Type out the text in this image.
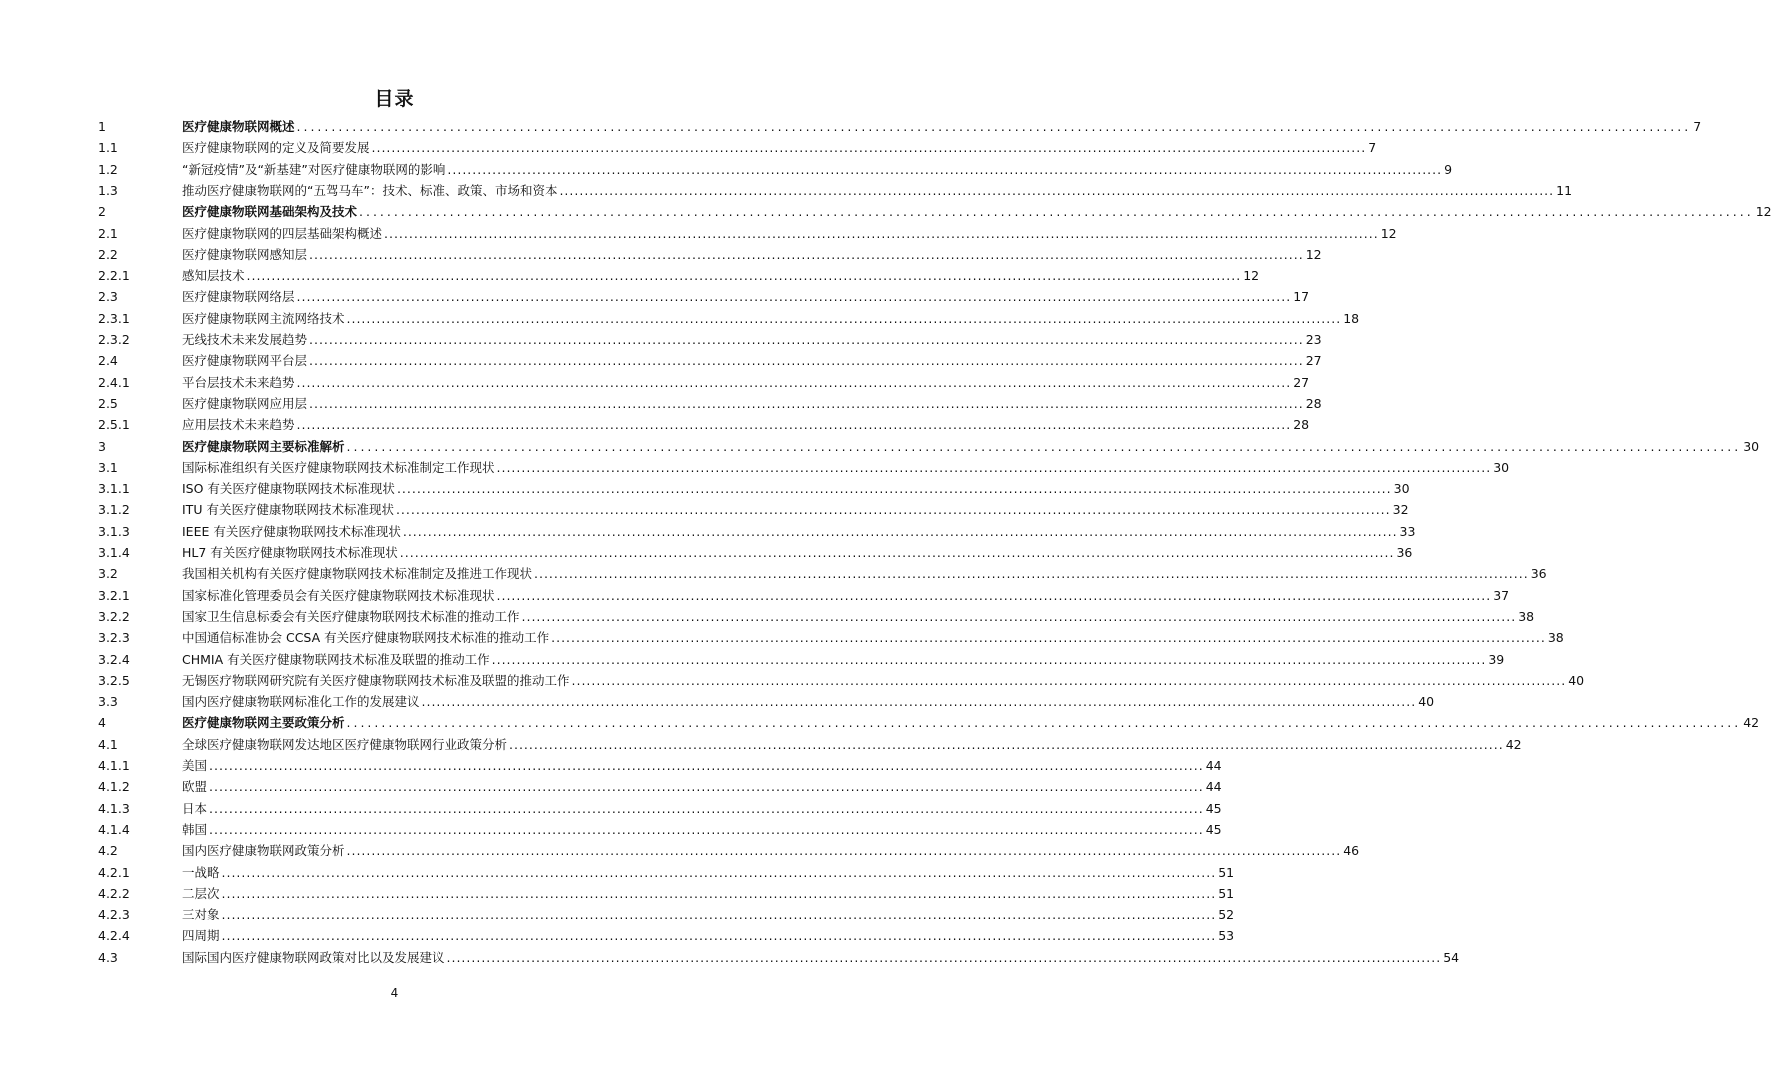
目录
1	医疗健康物联网概述 ........................................................................................................................................................................................................ 7
1.1	医疗健康物联网的定义及简要发展 ........................................................................................................................................................................................................ 7
1.2	“新冠疫情”及“新基建”对医疗健康物联网的影响 ........................................................................................................................................................................................................ 9
1.3	推动医疗健康物联网的“五驾马车”：技术、标准、政策、市场和资本 ........................................................................................................................................................................................................ 11
2	医疗健康物联网基础架构及技术 ........................................................................................................................................................................................................ 12
2.1	医疗健康物联网的四层基础架构概述 ........................................................................................................................................................................................................ 12
2.2	医疗健康物联网感知层 ........................................................................................................................................................................................................ 12
2.2.1	感知层技术 ........................................................................................................................................................................................................ 12
2.3	医疗健康物联网络层 ........................................................................................................................................................................................................ 17
2.3.1	医疗健康物联网主流网络技术 ........................................................................................................................................................................................................ 18
2.3.2	无线技术未来发展趋势 ........................................................................................................................................................................................................ 23
2.4	医疗健康物联网平台层 ........................................................................................................................................................................................................ 27
2.4.1	平台层技术未来趋势 ........................................................................................................................................................................................................ 27
2.5	医疗健康物联网应用层 ........................................................................................................................................................................................................ 28
2.5.1	应用层技术未来趋势 ........................................................................................................................................................................................................ 28
3	医疗健康物联网主要标准解析 ........................................................................................................................................................................................................ 30
3.1	国际标准组织有关医疗健康物联网技术标准制定工作现状 ........................................................................................................................................................................................................ 30
3.1.1	ISO 有关医疗健康物联网技术标准现状 ........................................................................................................................................................................................................ 30
3.1.2	ITU 有关医疗健康物联网技术标准现状 ........................................................................................................................................................................................................ 32
3.1.3	IEEE 有关医疗健康物联网技术标准现状 ........................................................................................................................................................................................................ 33
3.1.4	HL7 有关医疗健康物联网技术标准现状 ........................................................................................................................................................................................................ 36
3.2	我国相关机构有关医疗健康物联网技术标准制定及推进工作现状 ........................................................................................................................................................................................................ 36
3.2.1	国家标准化管理委员会有关医疗健康物联网技术标准现状 ........................................................................................................................................................................................................ 37
3.2.2	国家卫生信息标委会有关医疗健康物联网技术标准的推动工作 ........................................................................................................................................................................................................ 38
3.2.3	中国通信标准协会 CCSA 有关医疗健康物联网技术标准的推动工作 ........................................................................................................................................................................................................ 38
3.2.4	CHMIA 有关医疗健康物联网技术标准及联盟的推动工作 ........................................................................................................................................................................................................ 39
3.2.5	无锡医疗物联网研究院有关医疗健康物联网技术标准及联盟的推动工作 ........................................................................................................................................................................................................ 40
3.3	国内医疗健康物联网标准化工作的发展建议 ........................................................................................................................................................................................................ 40
4	医疗健康物联网主要政策分析 ........................................................................................................................................................................................................ 42
4.1	全球医疗健康物联网发达地区医疗健康物联网行业政策分析 ........................................................................................................................................................................................................ 42
4.1.1	美国 ........................................................................................................................................................................................................ 44
4.1.2	欧盟 ........................................................................................................................................................................................................ 44
4.1.3	日本 ........................................................................................................................................................................................................ 45
4.1.4	韩国 ........................................................................................................................................................................................................ 45
4.2	国内医疗健康物联网政策分析 ........................................................................................................................................................................................................ 46
4.2.1	一战略 ........................................................................................................................................................................................................ 51
4.2.2	二层次 ........................................................................................................................................................................................................ 51
4.2.3	三对象 ........................................................................................................................................................................................................ 52
4.2.4	四周期 ........................................................................................................................................................................................................ 53
4.3	国际国内医疗健康物联网政策对比以及发展建议 ........................................................................................................................................................................................................ 54
4
